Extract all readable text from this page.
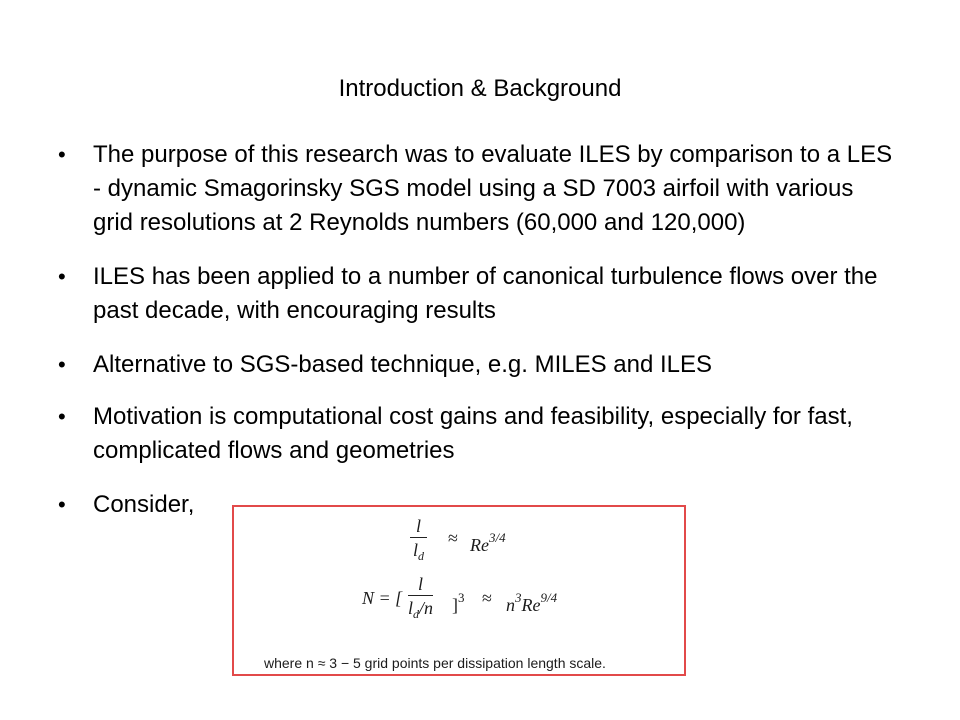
Introduction & Background
•	The purpose of this research was to evaluate ILES by comparison to a LES - dynamic Smagorinsky SGS model using a SD 7003 airfoil with various grid resolutions at 2 Reynolds numbers (60,000 and 120,000)
•	ILES has been applied to a number of canonical turbulence flows over the past decade, with encouraging results
•	Alternative to SGS-based technique, e.g. MILES and ILES
•	Motivation is computational cost gains and feasibility, especially for fast, complicated flows and geometries
•	Consider,
$\frac{l}{l_d} \approx Re^{3/4}$
N = [ $\frac{l}{l_d/n} ]^3 \approx n^3Re^{9/4}$
where n ≈ 3 − 5 grid points per dissipation length scale.
